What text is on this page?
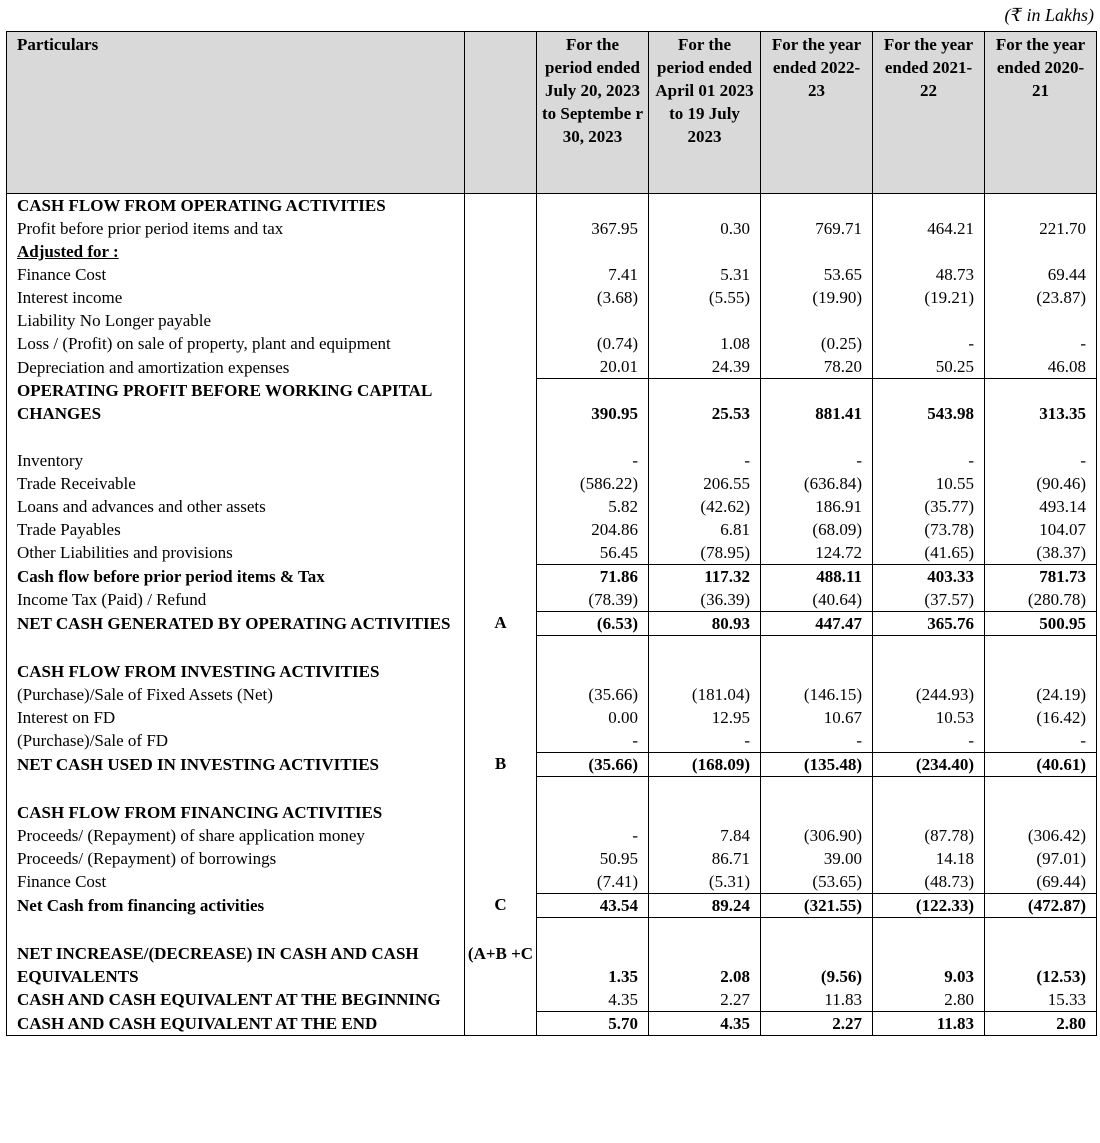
(₹ in Lakhs)
Particulars		For the period ended July 20, 2023 to Septembe r 30, 2023	For the period ended April 01 2023 to 19 July 2023	For the year ended 2022-23	For the year ended 2021-22	For the year ended 2020-21
CASH FLOW FROM OPERATING ACTIVITIES						
Profit before prior period items and tax		367.95	0.30	769.71	464.21	221.70
Adjusted for :						
Finance Cost		7.41	5.31	53.65	48.73	69.44
Interest income		(3.68)	(5.55)	(19.90)	(19.21)	(23.87)
Liability No Longer payable						
Loss / (Profit) on sale of property, plant and equipment		(0.74)	1.08	(0.25)	-	-
Depreciation and amortization expenses		20.01	24.39	78.20	50.25	46.08
OPERATING PROFIT BEFORE WORKING CAPITAL CHANGES		390.95	25.53	881.41	543.98	313.35

Inventory		-	-	-	-	-
Trade Receivable		(586.22)	206.55	(636.84)	10.55	(90.46)
Loans and advances and other assets		5.82	(42.62)	186.91	(35.77)	493.14
Trade Payables		204.86	6.81	(68.09)	(73.78)	104.07
Other Liabilities and provisions		56.45	(78.95)	124.72	(41.65)	(38.37)
Cash flow before prior period items & Tax		71.86	117.32	488.11	403.33	781.73
Income Tax (Paid) / Refund		(78.39)	(36.39)	(40.64)	(37.57)	(280.78)
NET CASH GENERATED BY OPERATING ACTIVITIES	A	(6.53)	80.93	447.47	365.76	500.95

CASH FLOW FROM INVESTING ACTIVITIES						
(Purchase)/Sale of Fixed Assets (Net)		(35.66)	(181.04)	(146.15)	(244.93)	(24.19)
Interest on FD		0.00	12.95	10.67	10.53	(16.42)
(Purchase)/Sale of FD		-	-	-	-	-
NET CASH USED IN INVESTING ACTIVITIES	B	(35.66)	(168.09)	(135.48)	(234.40)	(40.61)

CASH FLOW FROM FINANCING ACTIVITIES						
Proceeds/ (Repayment) of share application money		-	7.84	(306.90)	(87.78)	(306.42)
Proceeds/ (Repayment) of borrowings		50.95	86.71	39.00	14.18	(97.01)
Finance Cost		(7.41)	(5.31)	(53.65)	(48.73)	(69.44)
Net Cash from financing activities	C	43.54	89.24	(321.55)	(122.33)	(472.87)

NET INCREASE/(DECREASE) IN CASH AND CASH EQUIVALENTS	(A+B +C	1.35	2.08	(9.56)	9.03	(12.53)
CASH AND CASH EQUIVALENT AT THE BEGINNING		4.35	2.27	11.83	2.80	15.33
CASH AND CASH EQUIVALENT AT THE END		5.70	4.35	2.27	11.83	2.80
